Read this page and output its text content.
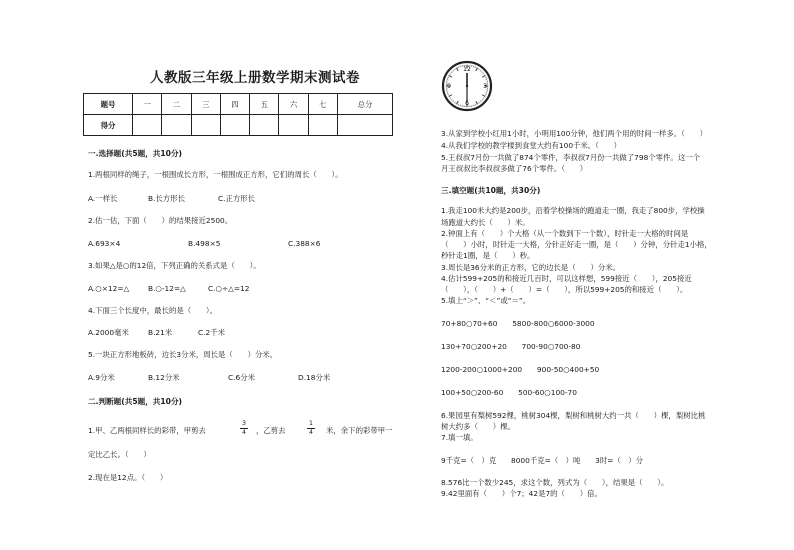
人教版三年级上册数学期末测试卷
题号	一	二	三	四	五	六	七	总分
得分								
一.选择题(共5题，共10分)
1.两根同样的绳子，一根围成长方形，一根围成正方形，它们的周长（　　）。
A.一样长	B.长方形长	C.正方形长
2.估一估，下面（　　）的结果接近2500。
A.693×4	B.498×5	C.388×6
3.如果△是○的12倍，下列正确的关系式是（　　）。
A.○×12=△	B.○-12=△	C.○÷△=12
4.下面三个长度中，最长的是（　　）。
A.2000毫米	B.21米	C.2千米
5.一块正方形地板砖，边长3分米，周长是（　　）分米。
A.9分米	B.12分米	C.6分米	D.18分米
二.判断题(共5题，共10分)
1.甲、乙两根同样长的彩带，甲剪去
3
4 ，乙剪去
1
4 米，余下的彩带甲一
定比乙长。（　　）
2.现在是12点。（　　）
12
3
6
9
3.从家到学校小红用1小时，小明用100分钟，他们两个用的时间一样多。（　　）
4.从我们学校的教学楼到食堂大约有100千米。（　　）
5.王叔叔7月份一共做了874个零件，李叔叔7月份一共做了798个零件。这一个
月王叔叔比李叔叔多做了76个零件。（　　）
三.填空题(共10题，共30分)
1.我走100米大约是200步，沿着学校操场的跑道走一圈，我走了800步，学校操
场跑道大约长（　　）米。
2.钟面上有（　　）个大格（从一个数到下一个数），时针走一大格的时间是
（　　）小时，时针走一大格，分针正好走一圈，是（　　）分钟，分针走1小格，
秒针走1圈，是（　　）秒。
3.周长是36分米的正方形，它的边长是（　　）分米。
4.估计599+205的和接近几百时，可以这样想，599接近（　　），205接近
（　　），（　　）+（　　）=（　　），所以599+205的和接近（　　）。
5.填上“＞”、“＜”或“＝”。
70+80○70+60　　5800-800○6000-3000
130+70○200+20　　700-90○700-80
1200-200○1000+200　　900-50○400+50
100+50○200-60　　500-60○100-70
6.果园里有梨树592棵，桃树304棵，梨树和桃树大约一共（　　）棵，梨树比桃
树大约多（　　）棵。
7.填一填。
9千克=（　）克　　8000千克=（　）吨　　3时=（　）分
8.576比一个数少245，求这个数，列式为（　　），结果是（　　）。
9.42里面有（　　）个7；42是7的（　　）倍。
